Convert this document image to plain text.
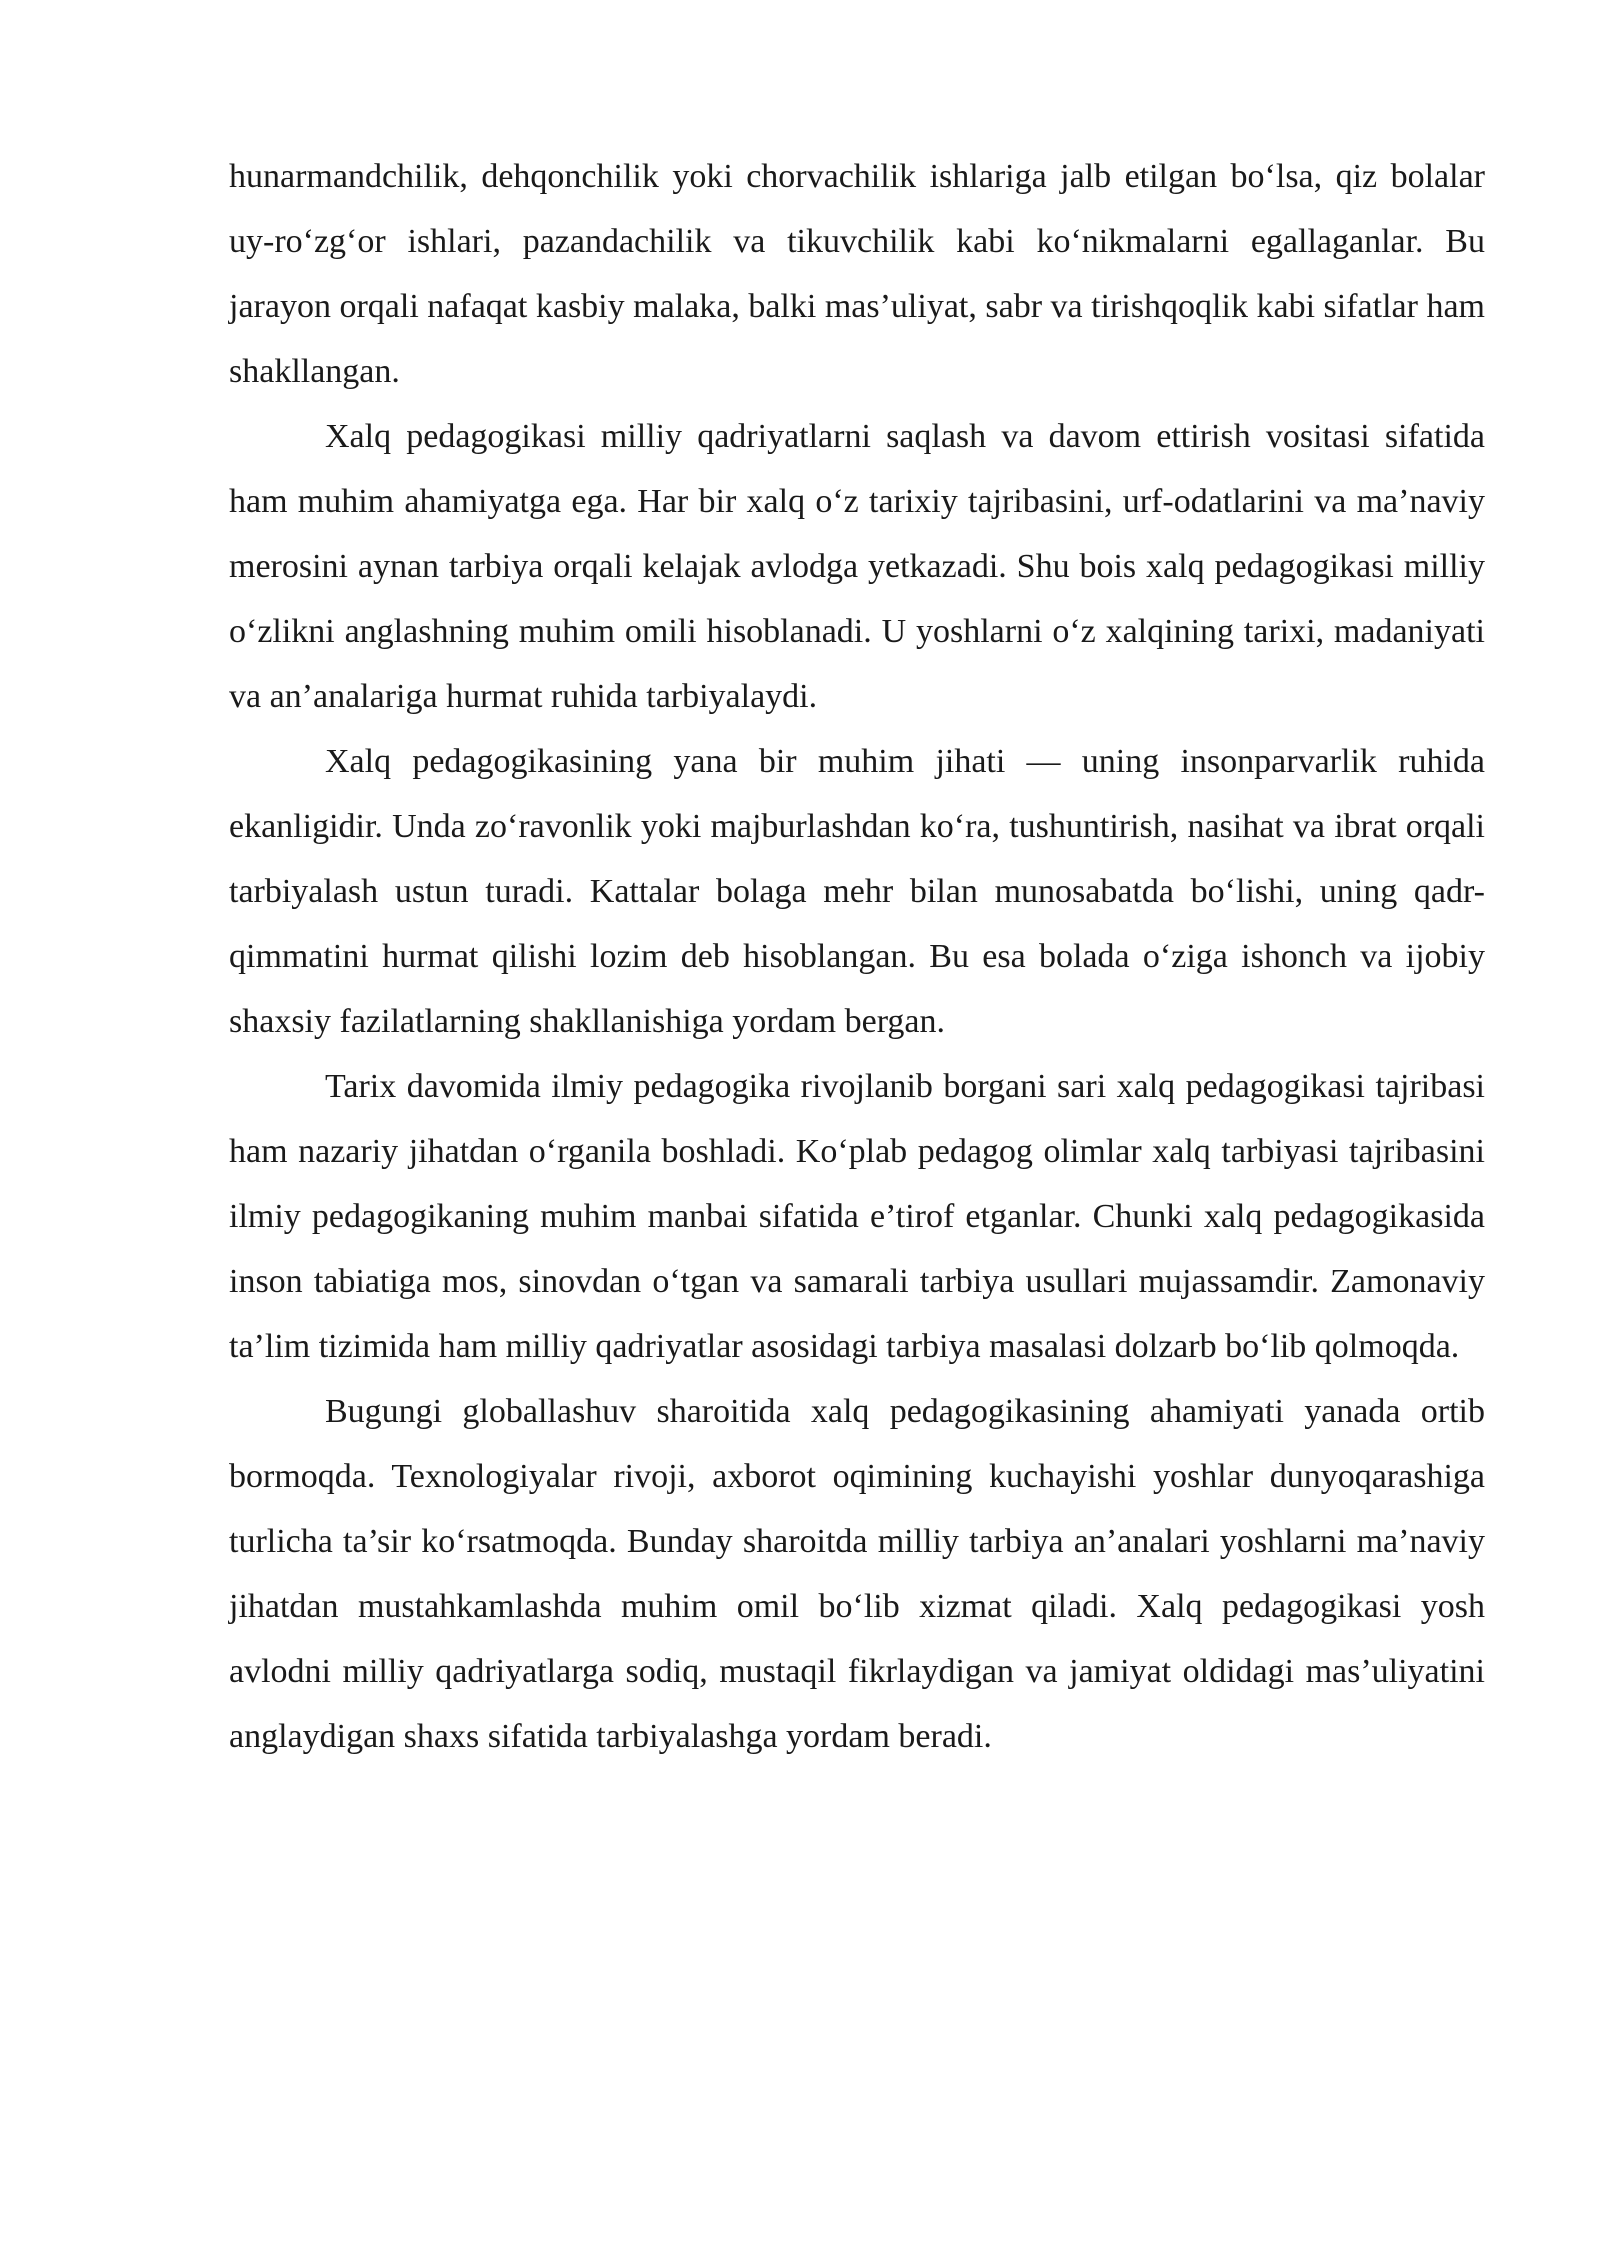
hunarmandchilik, dehqonchilik yoki chorvachilik ishlariga jalb etilgan bo‘lsa, qiz bolalar uy-ro‘zg‘or ishlari, pazandachilik va tikuvchilik kabi ko‘nikmalarni egallaganlar. Bu jarayon orqali nafaqat kasbiy malaka, balki mas’uliyat, sabr va tirishqoqlik kabi sifatlar ham shakllangan.

Xalq pedagogikasi milliy qadriyatlarni saqlash va davom ettirish vositasi sifatida ham muhim ahamiyatga ega. Har bir xalq o‘z tarixiy tajribasini, urf-odatlarini va ma’naviy merosini aynan tarbiya orqali kelajak avlodga yetkazadi. Shu bois xalq pedagogikasi milliy o‘zlikni anglashning muhim omili hisoblanadi. U yoshlarni o‘z xalqining tarixi, madaniyati va an’analariga hurmat ruhida tarbiyalaydi.

Xalq pedagogikasining yana bir muhim jihati — uning insonparvarlik ruhida ekanligidir. Unda zo‘ravonlik yoki majburlashdan ko‘ra, tushuntirish, nasihat va ibrat orqali tarbiyalash ustun turadi. Kattalar bolaga mehr bilan munosabatda bo‘lishi, uning qadr-qimmatini hurmat qilishi lozim deb hisoblangan. Bu esa bolada o‘ziga ishonch va ijobiy shaxsiy fazilatlarning shakllanishiga yordam bergan.

Tarix davomida ilmiy pedagogika rivojlanib borgani sari xalq pedagogikasi tajribasi ham nazariy jihatdan o‘rganila boshladi. Ko‘plab pedagog olimlar xalq tarbiyasi tajribasini ilmiy pedagogikaning muhim manbai sifatida e’tirof etganlar. Chunki xalq pedagogikasida inson tabiatiga mos, sinovdan o‘tgan va samarali tarbiya usullari mujassamdir. Zamonaviy ta’lim tizimida ham milliy qadriyatlar asosidagi tarbiya masalasi dolzarb bo‘lib qolmoqda.

Bugungi globallashuv sharoitida xalq pedagogikasining ahamiyati yanada ortib bormoqda. Texnologiyalar rivoji, axborot oqimining kuchayishi yoshlar dunyoqarashiga turlicha ta’sir ko‘rsatmoqda. Bunday sharoitda milliy tarbiya an’analari yoshlarni ma’naviy jihatdan mustahkamlashda muhim omil bo‘lib xizmat qiladi. Xalq pedagogikasi yosh avlodni milliy qadriyatlarga sodiq, mustaqil fikrlaydigan va jamiyat oldidagi mas’uliyatini anglaydigan shaxs sifatida tarbiyalashga yordam beradi.
